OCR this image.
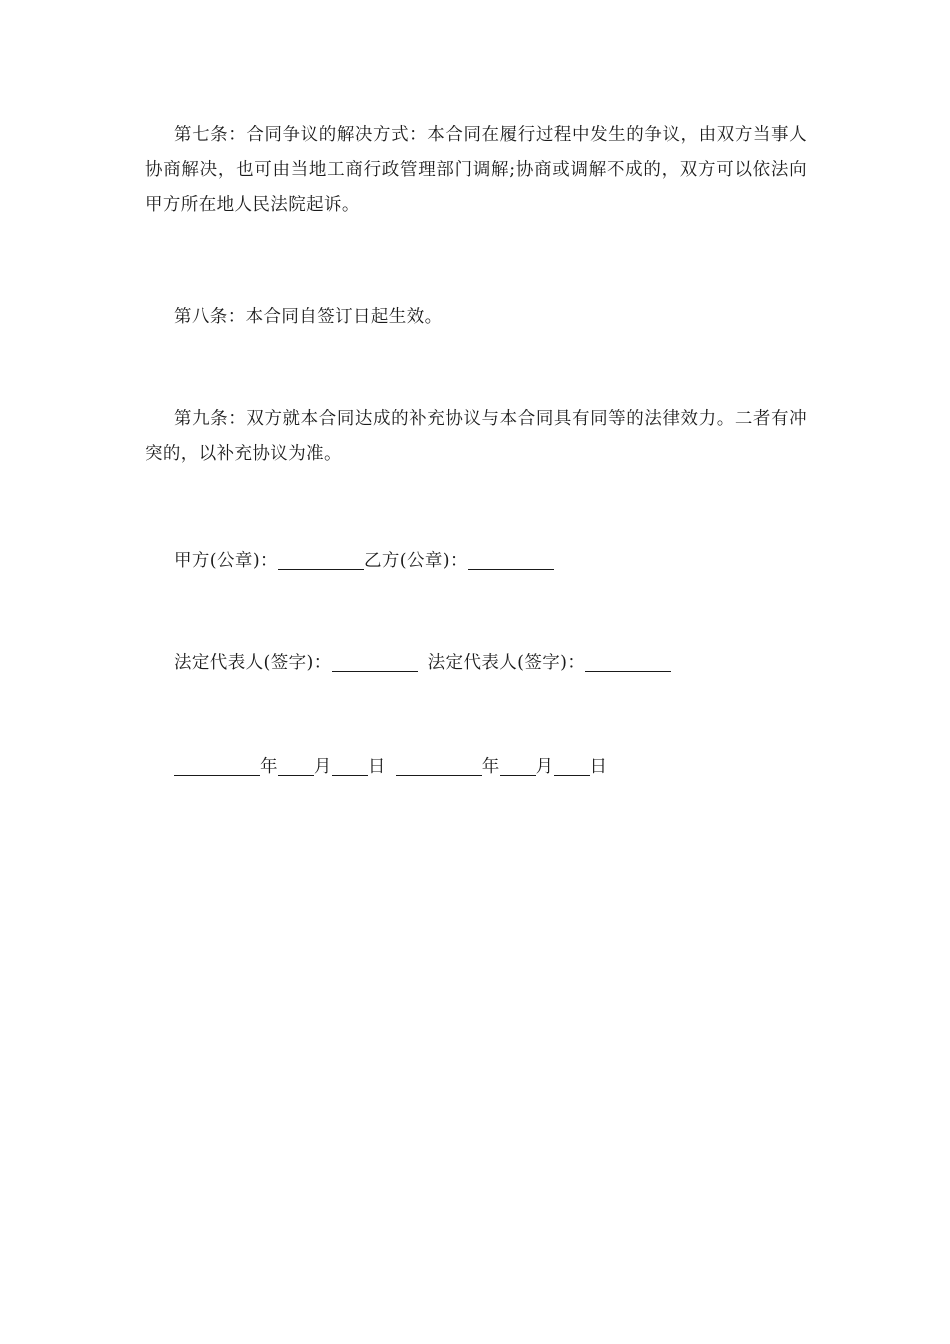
第七条：合同争议的解决方式：本合同在履行过程中发生的争议，由双方当事人协商解决，也可由当地工商行政管理部门调解;协商或调解不成的，双方可以依法向甲方所在地人民法院起诉。

第八条：本合同自签订日起生效。

第九条：双方就本合同达成的补充协议与本合同具有同等的法律效力。二者有冲突的，以补充协议为准。

甲方(公章)：	乙方(公章)：

法定代表人(签字)：	法定代表人(签字)：

年 月 日	年 月 日
